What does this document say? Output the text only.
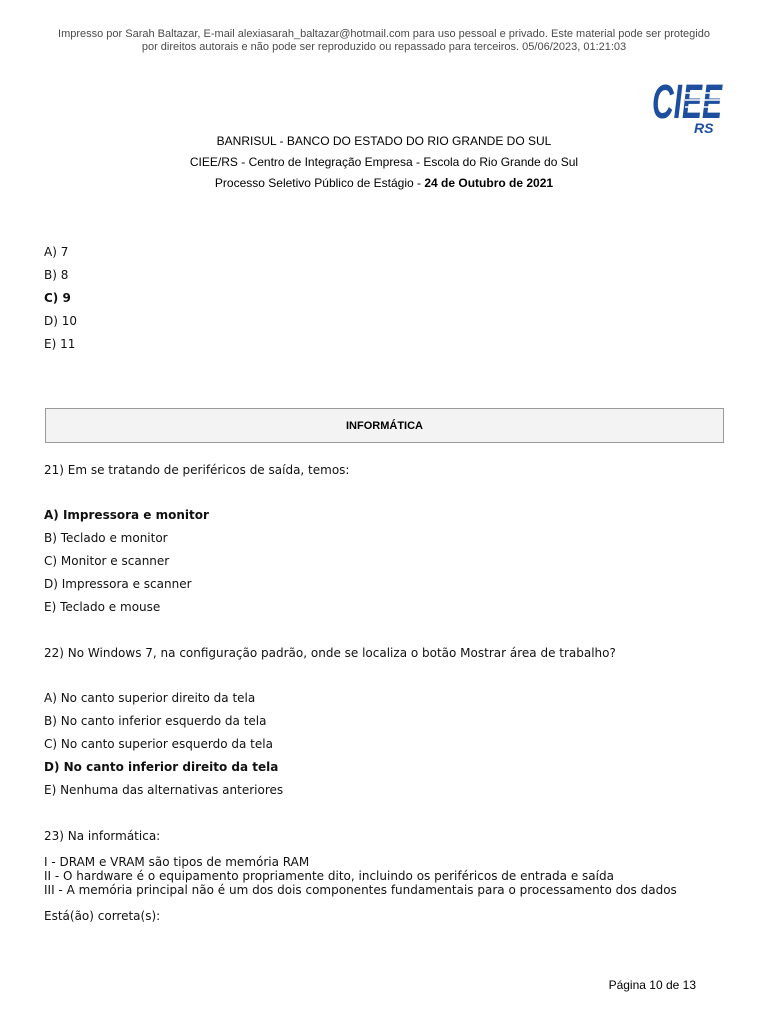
Impresso por Sarah Baltazar, E-mail alexiasarah_baltazar@hotmail.com para uso pessoal e privado. Este material pode ser protegido
por direitos autorais e não pode ser reproduzido ou repassado para terceiros. 05/06/2023, 01:21:03
CIEE
RS
BANRISUL - BANCO DO ESTADO DO RIO GRANDE DO SUL
CIEE/RS - Centro de Integração Empresa - Escola do Rio Grande do Sul
Processo Seletivo Público de Estágio - 24 de Outubro de 2021
A) 7
B) 8
C) 9
D) 10
E) 11
INFORMÁTICA
21) Em se tratando de periféricos de saída, temos:
A) Impressora e monitor
B) Teclado e monitor
C) Monitor e scanner
D) Impressora e scanner
E) Teclado e mouse
22) No Windows 7, na configuração padrão, onde se localiza o botão Mostrar área de trabalho?
A) No canto superior direito da tela
B) No canto inferior esquerdo da tela
C) No canto superior esquerdo da tela
D) No canto inferior direito da tela
E) Nenhuma das alternativas anteriores
23) Na informática:
I - DRAM e VRAM são tipos de memória RAM
II - O hardware é o equipamento propriamente dito, incluindo os periféricos de entrada e saída
III - A memória principal não é um dos dois componentes fundamentais para o processamento dos dados
Está(ão) correta(s):
Página 10 de 13
